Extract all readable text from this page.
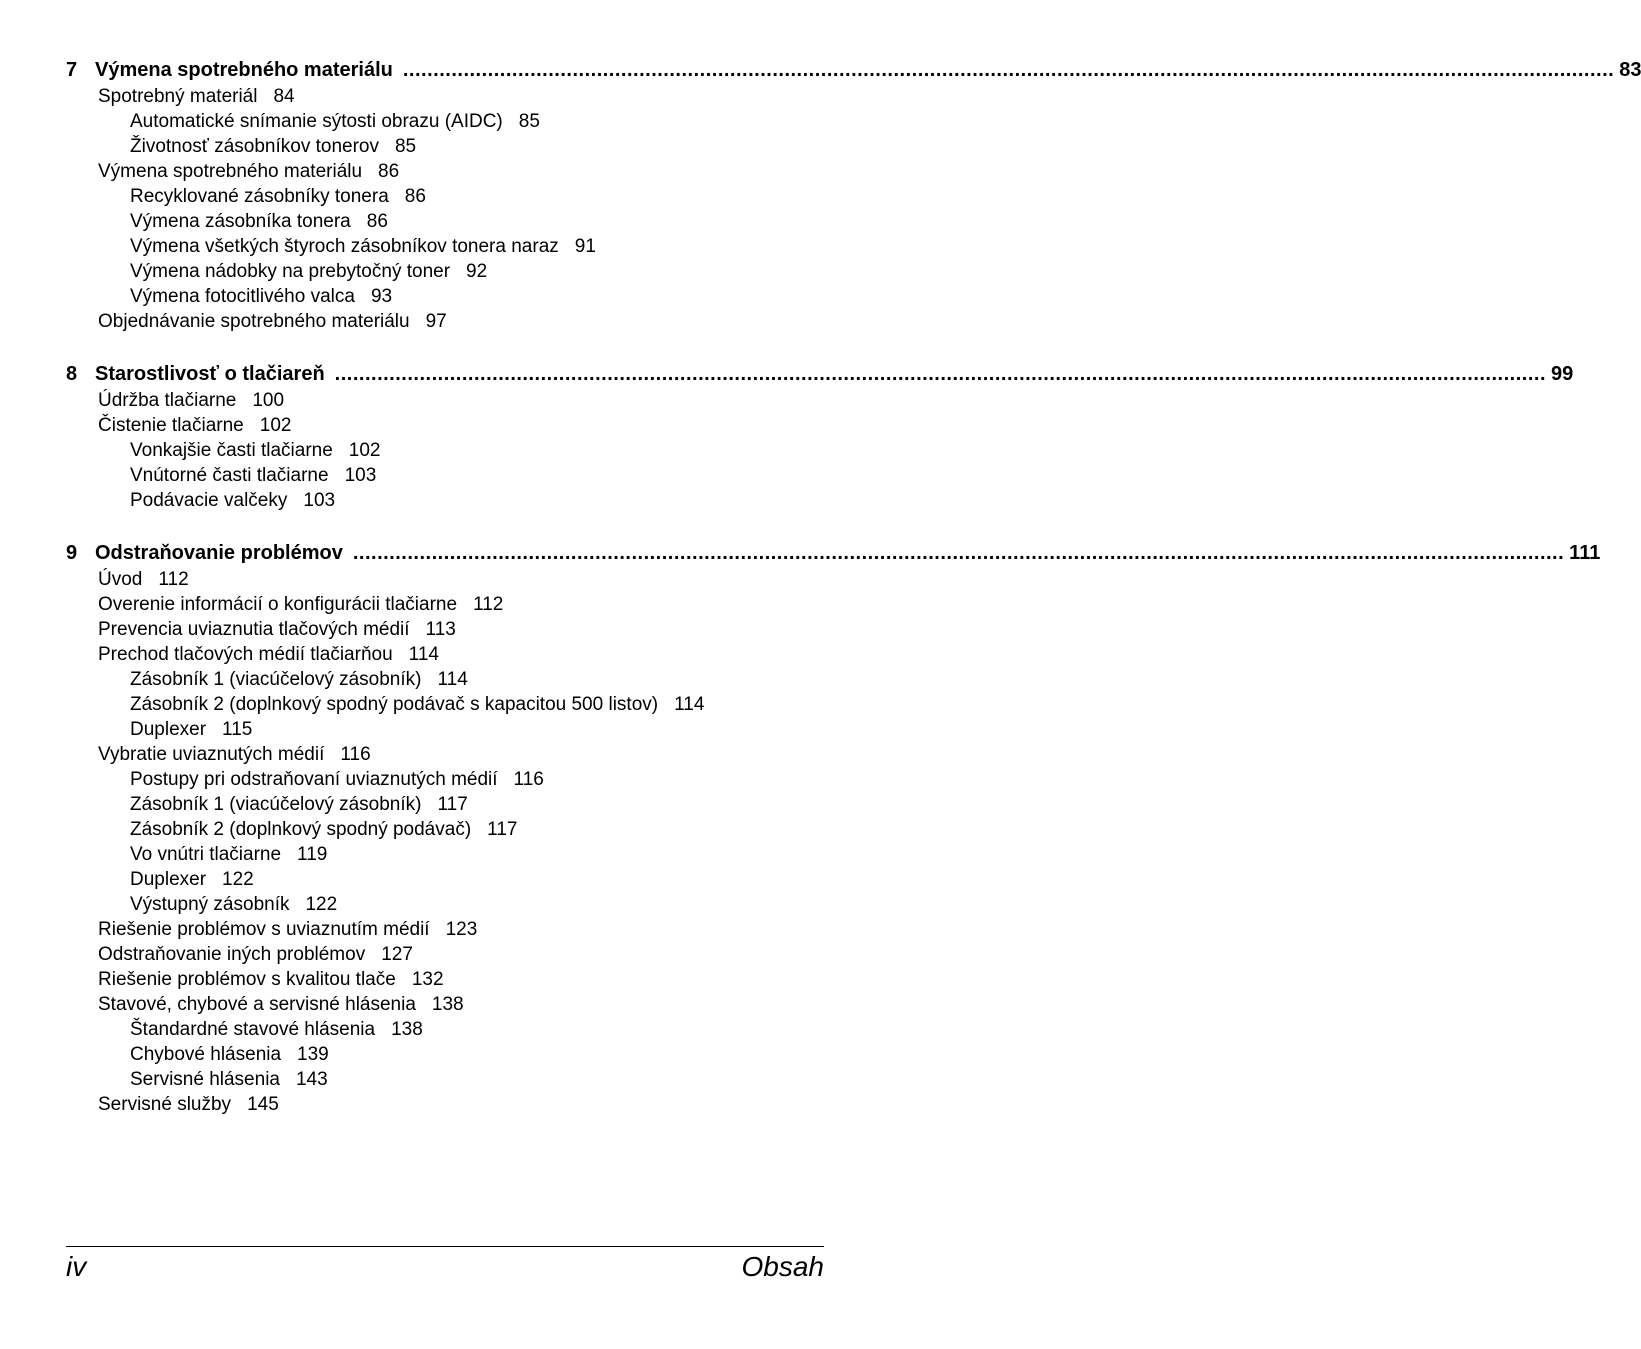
7 Výmena spotrebného materiálu ........................................................................................................................................................................................................ 83
Spotrebný materiál 84
Automatické snímanie sýtosti obrazu (AIDC) 85
Životnosť zásobníkov tonerov 85
Výmena spotrebného materiálu 86
Recyklované zásobníky tonera 86
Výmena zásobníka tonera 86
Výmena všetkých štyroch zásobníkov tonera naraz 91
Výmena nádobky na prebytočný toner 92
Výmena fotocitlivého valca 93
Objednávanie spotrebného materiálu 97
8 Starostlivosť o tlačiareň ........................................................................................................................................................................................................ 99
Údržba tlačiarne 100
Čistenie tlačiarne 102
Vonkajšie časti tlačiarne 102
Vnútorné časti tlačiarne 103
Podávacie valčeky 103
9 Odstraňovanie problémov ........................................................................................................................................................................................................ 111
Úvod 112
Overenie informácií o konfigurácii tlačiarne 112
Prevencia uviaznutia tlačových médií 113
Prechod tlačových médií tlačiarňou 114
Zásobník 1 (viacúčelový zásobník) 114
Zásobník 2 (doplnkový spodný podávač s kapacitou 500 listov) 114
Duplexer 115
Vybratie uviaznutých médií 116
Postupy pri odstraňovaní uviaznutých médií 116
Zásobník 1 (viacúčelový zásobník) 117
Zásobník 2 (doplnkový spodný podávač) 117
Vo vnútri tlačiarne 119
Duplexer 122
Výstupný zásobník 122
Riešenie problémov s uviaznutím médií 123
Odstraňovanie iných problémov 127
Riešenie problémov s kvalitou tlače 132
Stavové, chybové a servisné hlásenia 138
Štandardné stavové hlásenia 138
Chybové hlásenia 139
Servisné hlásenia 143
Servisné služby 145
iv	Obsah
